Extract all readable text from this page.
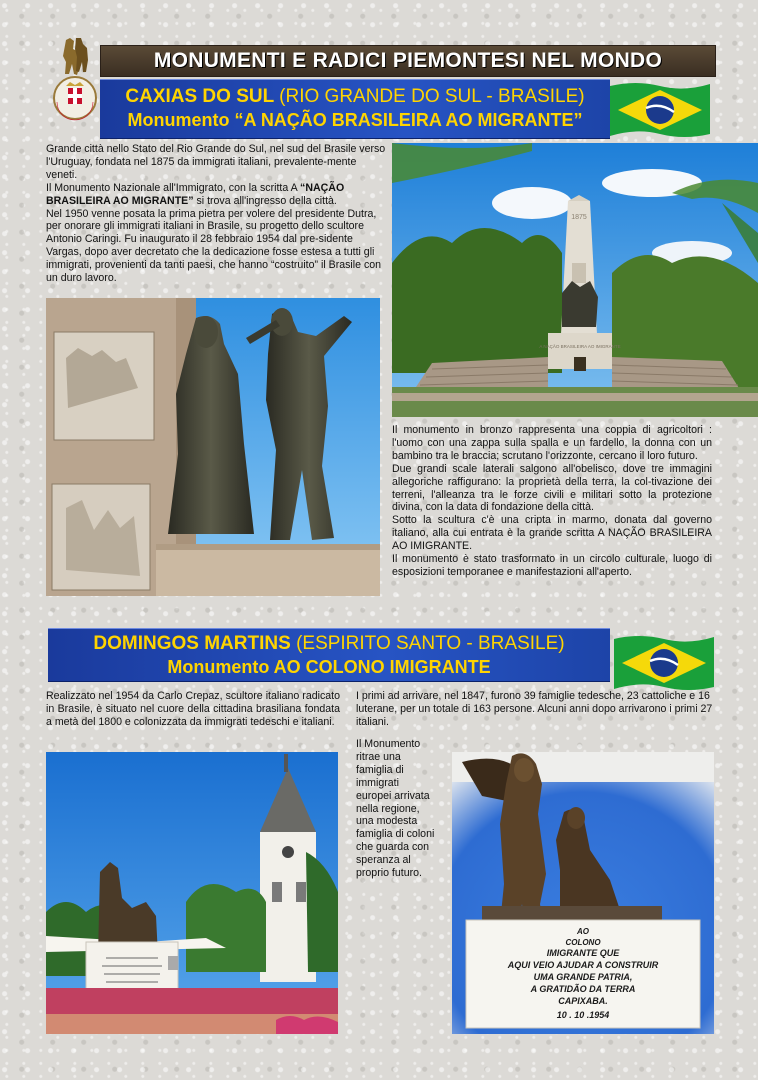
MONUMENTI E RADICI PIEMONTESI NEL MONDO
CAXIAS DO SUL (RIO GRANDE DO SUL - BRASILE)
Monumento “A NAÇÃO BRASILEIRA AO MIGRANTE”

Grande città nello Stato del Rio Grande do Sul, nel sud del Brasile verso l'Uruguay, fondata nel 1875 da immigrati italiani, prevalente-mente veneti.

Il Monumento Nazionale all'Immigrato, con la scritta A “NAÇÃO BRASILEIRA AO MIGRANTE” si trova all'ingresso della città.

Nel 1950 venne posata la prima pietra per volere del presidente Dutra, per onorare gli immigrati italiani in Brasile, su progetto dello scultore Antonio Caringi. Fu inaugurato il 28 febbraio 1954 dal pre-sidente Vargas, dopo aver decretato che la dedicazione fosse estesa a tutti gli immigrati, provenienti da tanti paesi, che hanno “costruito” il Brasile con un duro lavoro.

1875
A NAÇÃO BRASILEIRA AO IMIGRANTE

Il monumento in bronzo rappresenta una coppia di agricoltori : l'uomo con una zappa sulla spalla e un fardello, la donna con un bambino tra le braccia; scrutano l'orizzonte, cercano il loro futuro.

Due grandi scale laterali salgono all'obelisco, dove tre immagini allegoriche raffigurano: la proprietà della terra, la col-tivazione dei terreni, l'alleanza tra le forze civili e militari sotto la protezione divina, con la data di fondazione della città.

Sotto la scultura c'è una cripta in marmo, donata dal governo italiano, alla cui entrata è la grande scritta A NAÇÃO BRASILEIRA AO IMIGRANTE.

Il monumento è stato trasformato in un circolo culturale, luogo di esposizioni temporanee e manifestazioni all'aperto.

DOMINGOS MARTINS (ESPIRITO SANTO - BRASILE)
Monumento AO COLONO IMIGRANTE

Realizzato nel 1954 da Carlo Crepaz, scultore italiano radicato in Brasile, è situato nel cuore della cittadina brasiliana fondata a metà del 1800 e colonizzata da immigrati tedeschi e italiani.

I primi ad arrivare, nel 1847, furono 39 famiglie tedesche, 23 cattoliche e 16 luterane, per un totale di 163 persone. Alcuni anni dopo arrivarono i primi 27 italiani.

Il Monumento

ritrae una

famiglia di

immigrati

europei arrivata

nella regione,

una modesta

famiglia di coloni

che guarda con

speranza al

proprio futuro.

AO
COLONO
IMIGRANTE QUE
AQUI VEIO AJUDAR A CONSTRUIR
UMA GRANDE PATRIA,
A GRATIDÃO DA TERRA
CAPIXABA.
10 . 10 .1954
